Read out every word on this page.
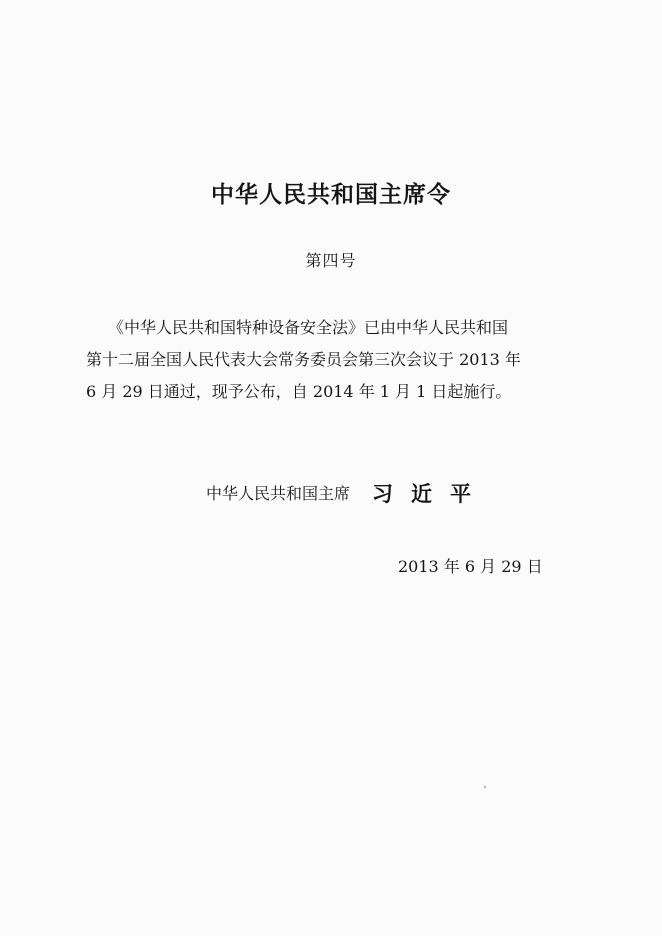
中华人民共和国主席令
第四号
《中华人民共和国特种设备安全法》已由中华人民共和国
第十二届全国人民代表大会常务委员会第三次会议于 2013 年
6 月 29 日通过，现予公布，自 2014 年 1 月 1 日起施行。
中华人民共和国主席 习近平
2013 年 6 月 29 日
